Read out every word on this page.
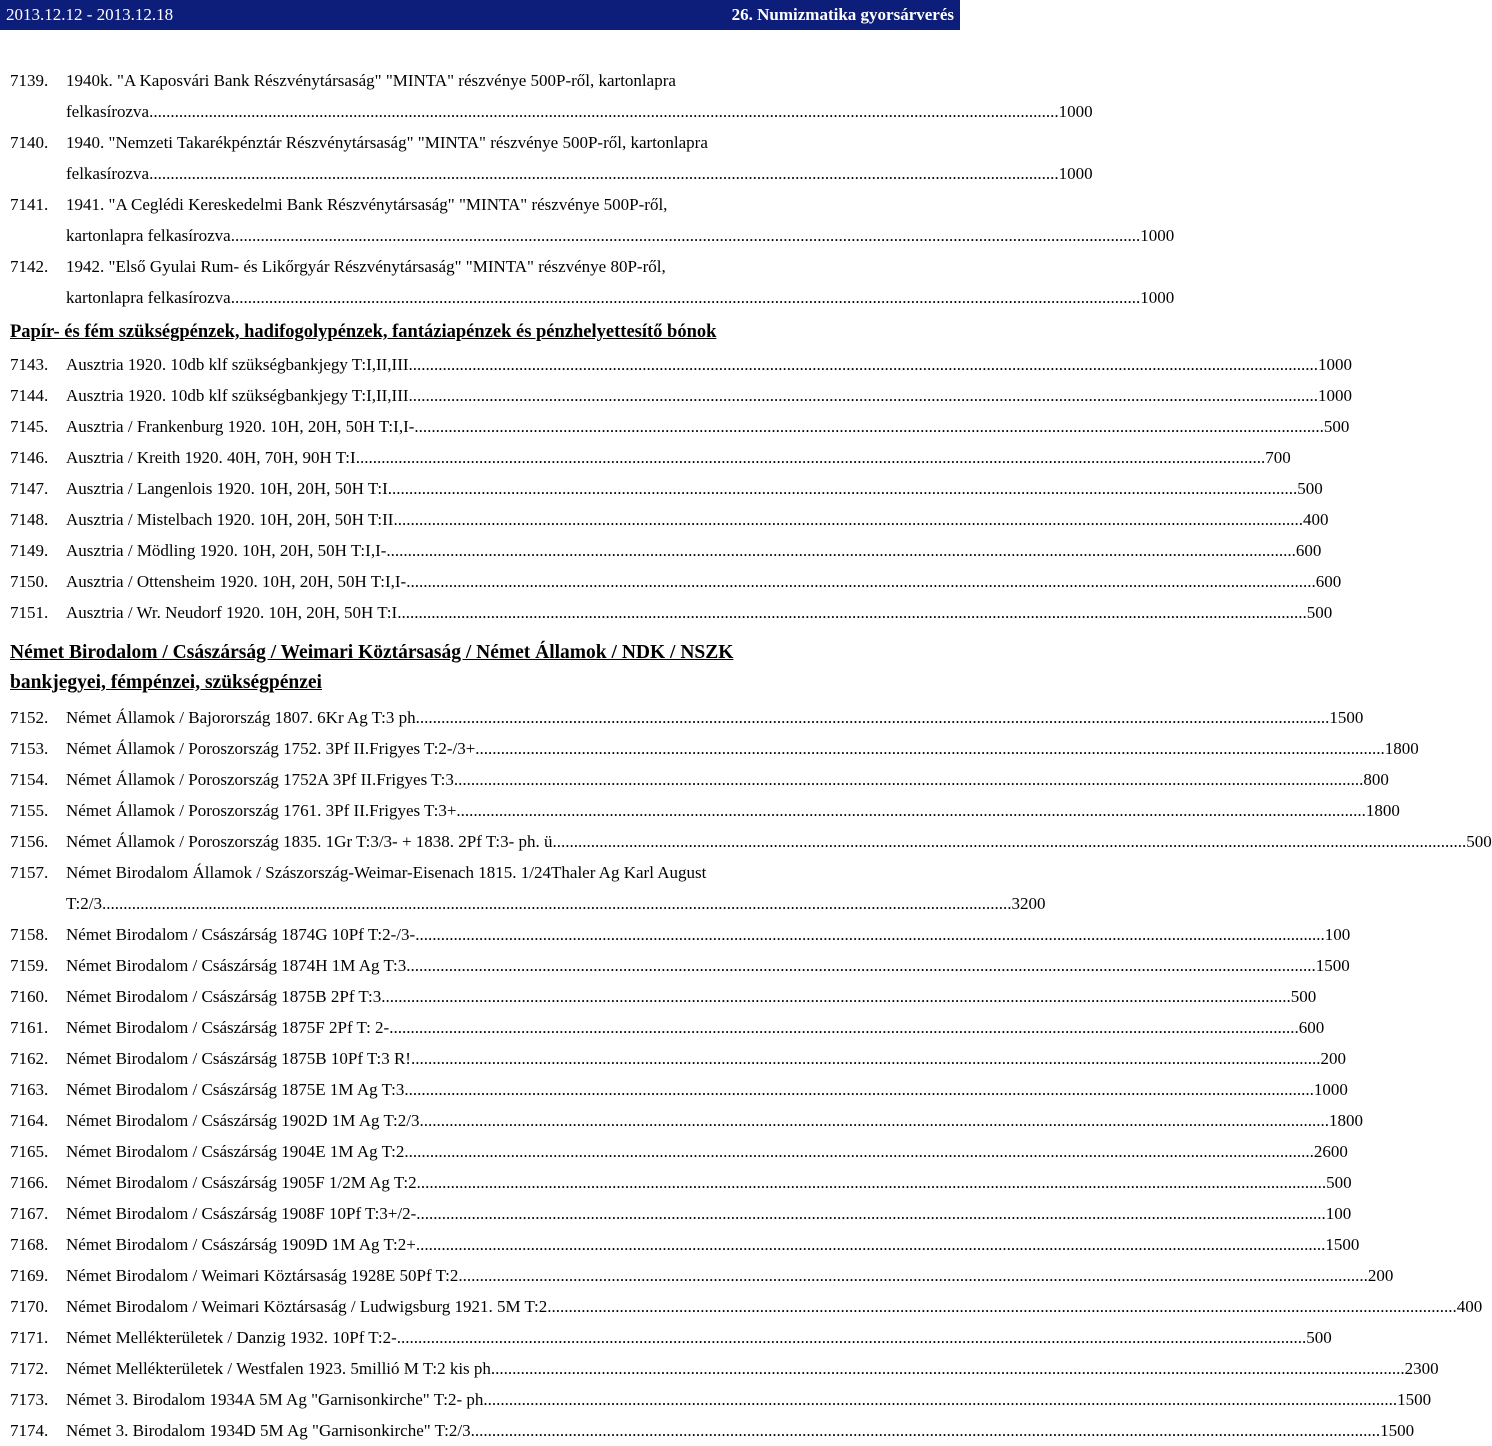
2013.12.12 - 2013.12.18	26. Numizmatika gyorsárverés
7139.	1940k. "A Kaposvári Bank Részvénytársaság" "MINTA" részvénye 500P-ről, kartonlapra
felkasírozva .....	1000
7140.	1940. "Nemzeti Takarékpénztár Részvénytársaság" "MINTA" részvénye 500P-ről, kartonlapra
felkasírozva .....	1000
7141.	1941. "A Ceglédi Kereskedelmi Bank Részvénytársaság" "MINTA" részvénye 500P-ről,
kartonlapra felkasírozva .....	1000
7142.	1942. "Első Gyulai Rum- és Likőrgyár Részvénytársaság" "MINTA" részvénye 80P-ről,
kartonlapra felkasírozva .....	1000
Papír- és fém szükségpénzek, hadifogolypénzek, fantáziapénzek és pénzhelyettesítő bónok
7143.	Ausztria 1920. 10db klf szükségbankjegy T:I,II,III .....	1000
7144.	Ausztria 1920. 10db klf szükségbankjegy T:I,II,III .....	1000
7145.	Ausztria / Frankenburg 1920. 10H, 20H, 50H T:I,I- .....	500
7146.	Ausztria / Kreith 1920. 40H, 70H, 90H T:I .....	700
7147.	Ausztria / Langenlois 1920. 10H, 20H, 50H T:I .....	500
7148.	Ausztria / Mistelbach 1920. 10H, 20H, 50H T:II .....	400
7149.	Ausztria / Mödling 1920. 10H, 20H, 50H T:I,I- .....	600
7150.	Ausztria / Ottensheim 1920. 10H, 20H, 50H T:I,I- .....	600
7151.	Ausztria / Wr. Neudorf 1920. 10H, 20H, 50H T:I .....	500
Német Birodalom / Császárság / Weimari Köztársaság / Német Államok / NDK / NSZK
bankjegyei, fémpénzei, szükségpénzei
7152.	Német Államok / Bajorország 1807. 6Kr Ag T:3 ph. .....	1500
7153.	Német Államok / Poroszország 1752. 3Pf II.Frigyes T:2-/3+ .....	1800
7154.	Német Államok / Poroszország 1752A 3Pf II.Frigyes T:3 .....	800
7155.	Német Államok / Poroszország 1761. 3Pf II.Frigyes T:3+ .....	1800
7156.	Német Államok / Poroszország 1835. 1Gr T:3/3- + 1838. 2Pf T:3- ph. ü. .....	500
7157.	Német Birodalom Államok / Szászország-Weimar-Eisenach 1815. 1/24Thaler Ag Karl August
T:2/3 .....	3200
7158.	Német Birodalom / Császárság 1874G 10Pf T:2-/3- .....	100
7159.	Német Birodalom / Császárság 1874H 1M Ag T:3 .....	1500
7160.	Német Birodalom / Császárság 1875B 2Pf T:3 .....	500
7161.	Német Birodalom / Császárság 1875F 2Pf T: 2- .....	600
7162.	Német Birodalom / Császárság 1875B 10Pf T:3 R! .....	200
7163.	Német Birodalom / Császárság 1875E 1M Ag T:3 .....	1000
7164.	Német Birodalom / Császárság 1902D 1M Ag T:2/3 .....	1800
7165.	Német Birodalom / Császárság 1904E 1M Ag T:2 .....	2600
7166.	Német Birodalom / Császárság 1905F 1/2M Ag T:2 .....	500
7167.	Német Birodalom / Császárság 1908F 10Pf T:3+/2- .....	100
7168.	Német Birodalom / Császárság 1909D 1M Ag T:2+ .....	1500
7169.	Német Birodalom / Weimari Köztársaság 1928E 50Pf T:2 .....	200
7170.	Német Birodalom / Weimari Köztársaság / Ludwigsburg 1921. 5M T:2 .....	400
7171.	Német Mellékterületek / Danzig 1932. 10Pf T:2- .....	500
7172.	Német Mellékterületek / Westfalen 1923. 5millió M T:2 kis ph. .....	2300
7173.	Német 3. Birodalom 1934A 5M Ag "Garnisonkirche" T:2- ph. .....	1500
7174.	Német 3. Birodalom 1934D 5M Ag "Garnisonkirche" T:2/3 .....	1500
